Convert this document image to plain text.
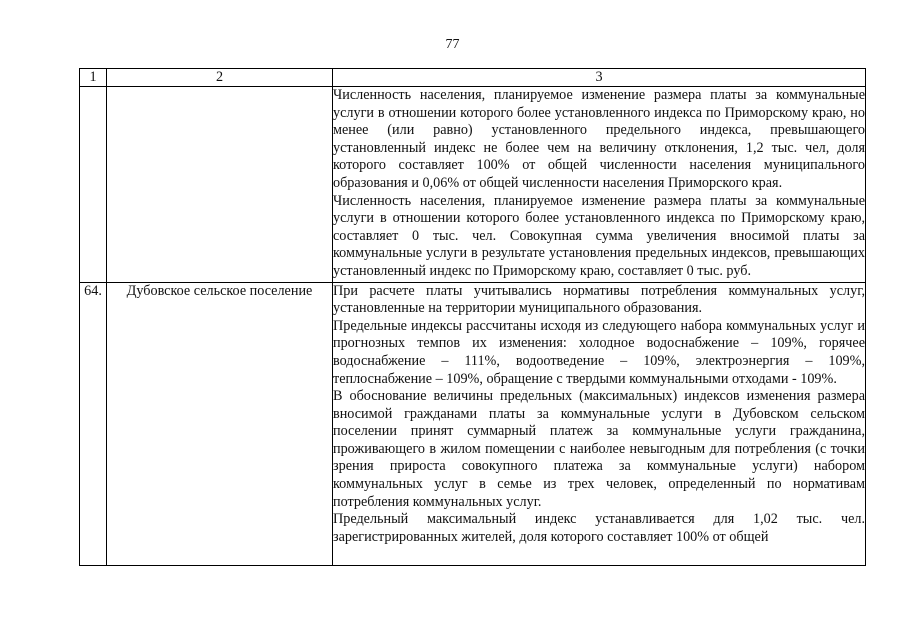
77
1	2	3

		Численность населения, планируемое изменение размера платы за коммунальные услуги в отношении которого более установленного индекса по Приморскому краю, но менее (или равно) установленного предельного индекса, превышающего установленный индекс не более чем на величину отклонения, 1,2 тыс. чел, доля которого составляет 100% от общей численности населения муниципального образования и 0,06% от общей численности населения Приморского края.

Численность населения, планируемое изменение размера платы за коммунальные услуги в отношении которого более установленного индекса по Приморскому краю, составляет 0 тыс. чел. Совокупная сумма увеличения вносимой платы за коммунальные услуги в результате установления предельных индексов, превышающих установленный индекс по Приморскому краю, составляет 0 тыс. руб.

64.	Дубовское сельское поселение	При расчете платы учитывались нормативы потребления коммунальных услуг, установленные на территории муниципального образования.

Предельные индексы рассчитаны исходя из следующего набора коммунальных услуг и прогнозных темпов их изменения: холодное водоснабжение – 109%, горячее водоснабжение – 111%, водоотведение – 109%, электроэнергия – 109%, теплоснабжение – 109%, обращение с твердыми коммунальными отходами - 109%.

В обоснование величины предельных (максимальных) индексов изменения размера вносимой гражданами платы за коммунальные услуги в Дубовском сельском поселении принят суммарный платеж за коммунальные услуги гражданина, проживающего в жилом помещении с наиболее невыгодным для потребления (с точки зрения прироста совокупного платежа за коммунальные услуги) набором коммунальных услуг в семье из трех человек, определенный по нормативам потребления коммунальных услуг.

Предельный максимальный индекс устанавливается для 1,02 тыс. чел. зарегистрированных жителей, доля которого составляет 100% от общей
